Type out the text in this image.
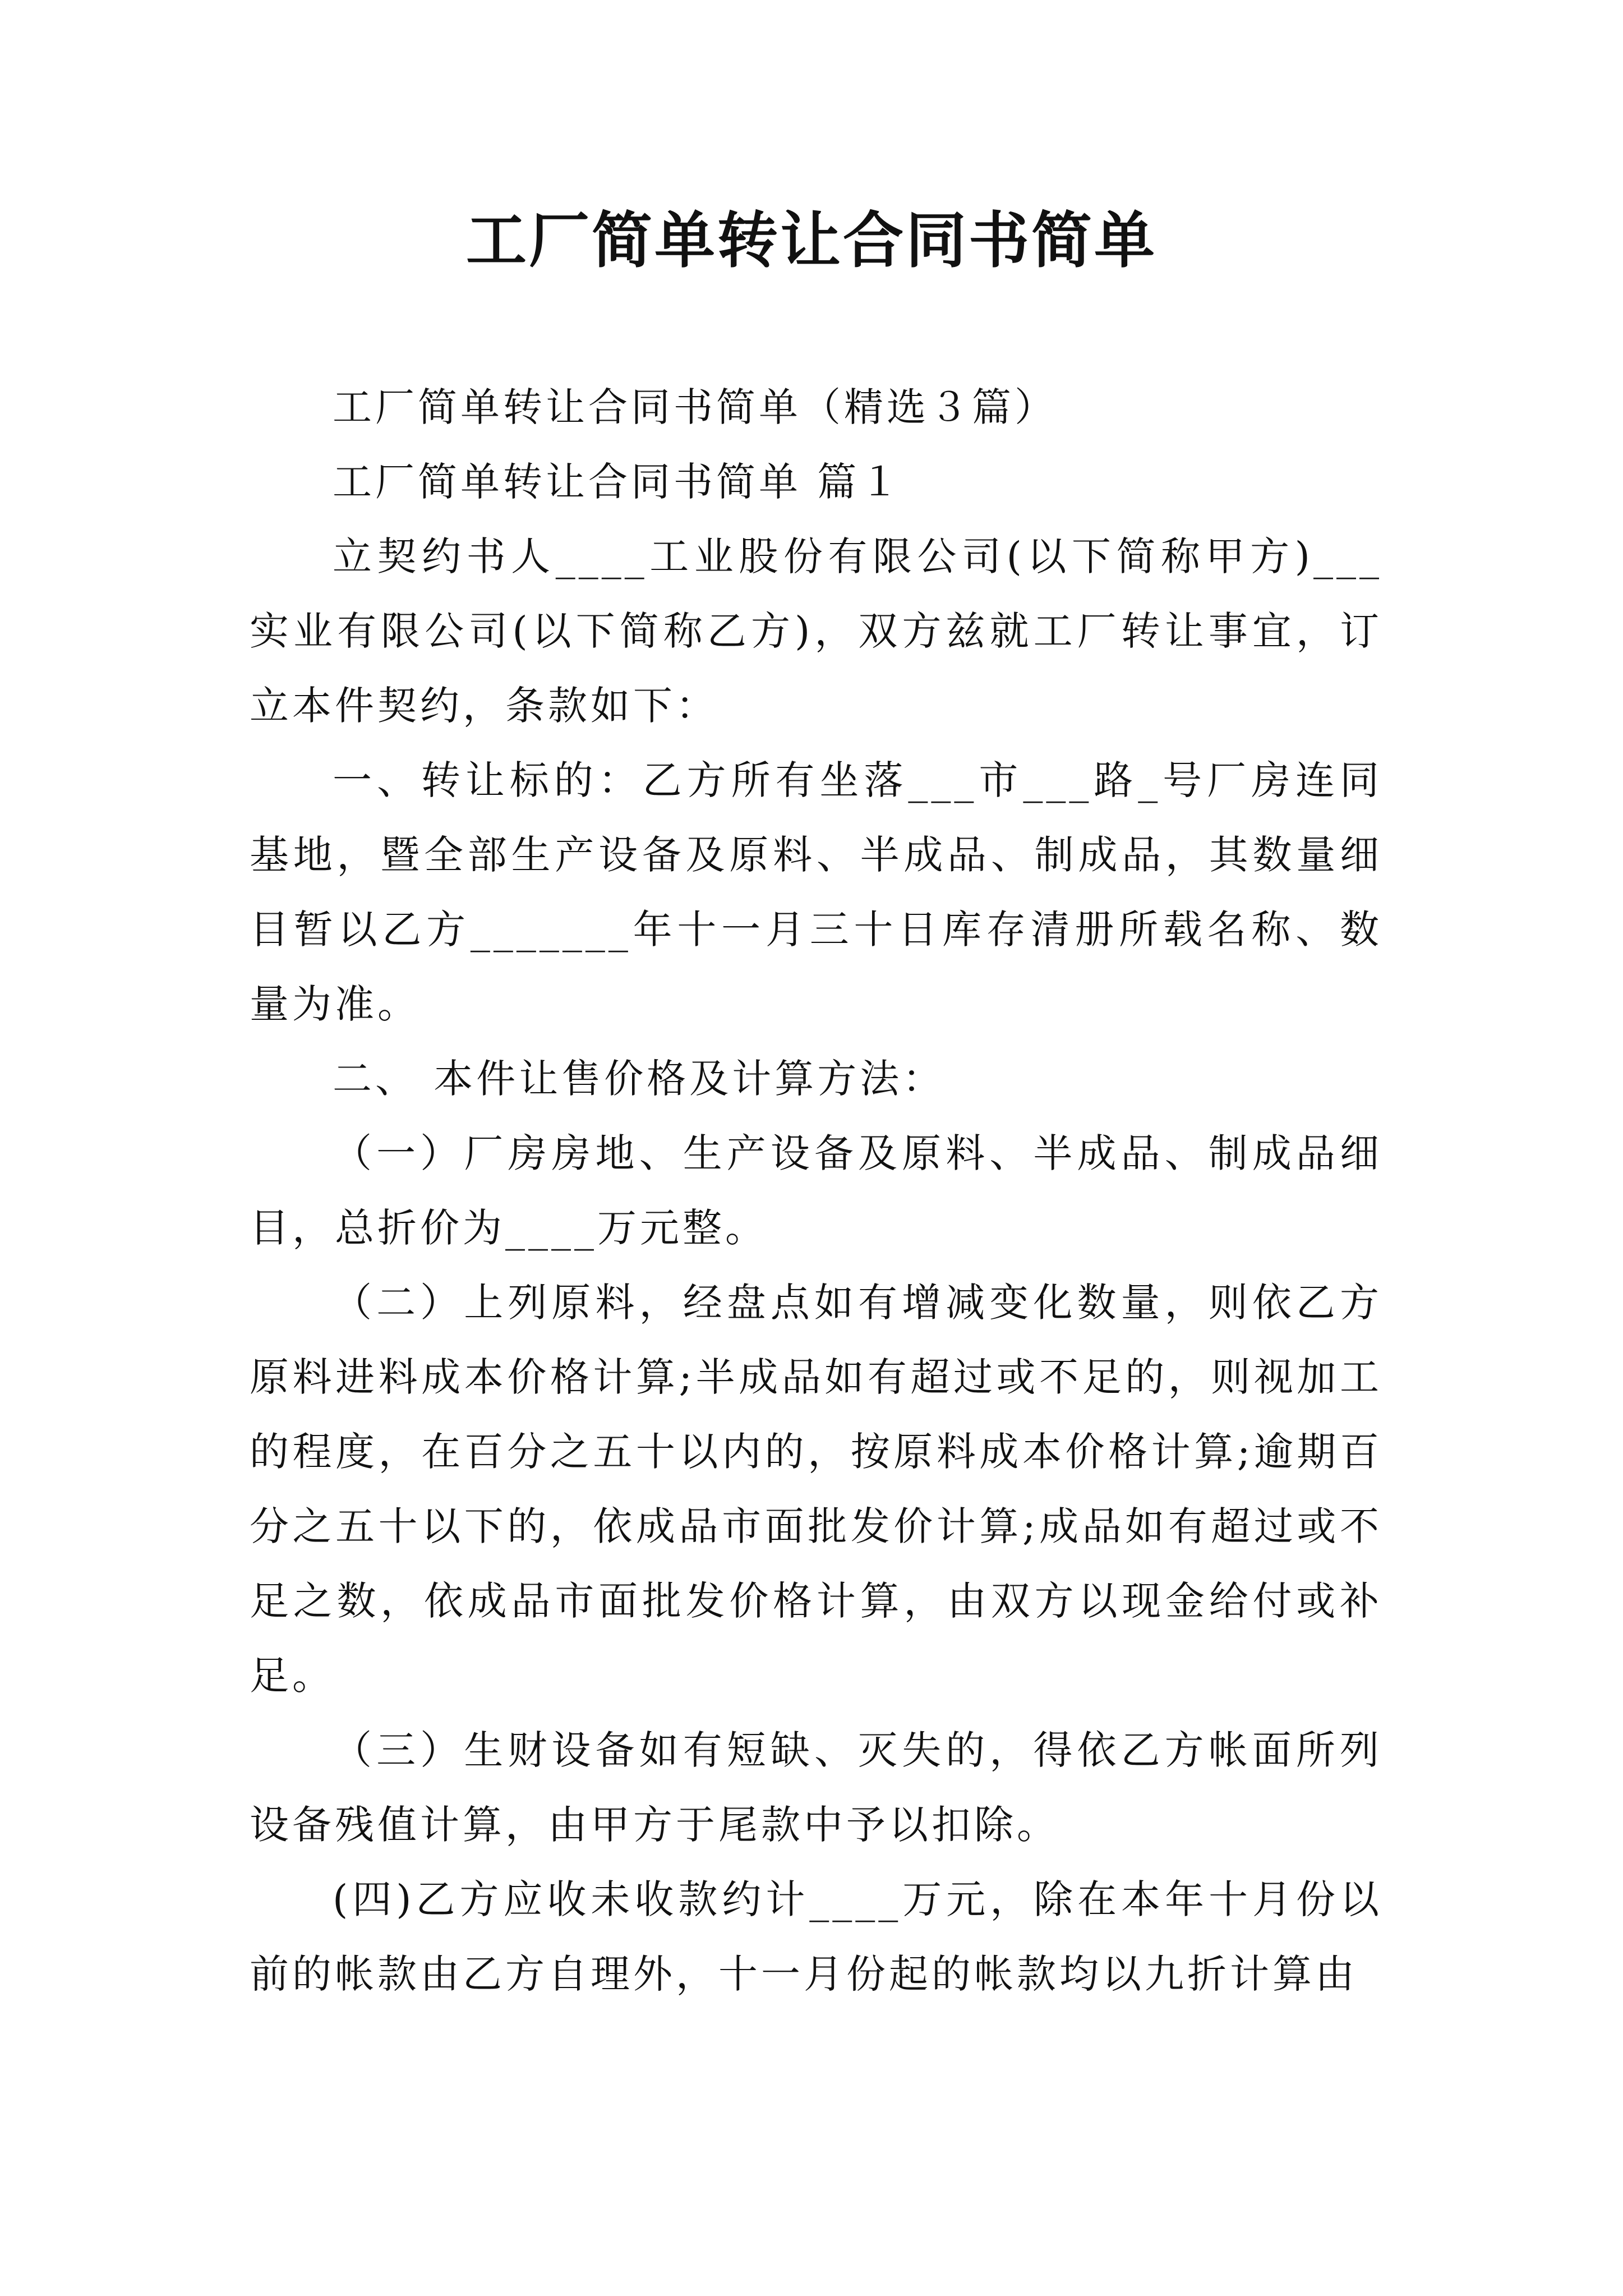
工厂简单转让合同书简单

工厂简单转让合同书简单（精选３篇）

工厂简单转让合同书简单 篇１

立契约书人____工业股份有限公司(以下简称甲方)___实业有限公司(以下简称乙方)，双方兹就工厂转让事宜，订立本件契约，条款如下：

一、转让标的：乙方所有坐落___市___路_号厂房连同基地，暨全部生产设备及原料、半成品、制成品，其数量细目暂以乙方_______年十一月三十日库存清册所载名称、数量为准。

二、 本件让售价格及计算方法：

（一）厂房房地、生产设备及原料、半成品、制成品细目，总折价为____万元整。

（二）上列原料，经盘点如有增减变化数量，则依乙方原料进料成本价格计算;半成品如有超过或不足的，则视加工的程度，在百分之五十以内的，按原料成本价格计算;逾期百分之五十以下的，依成品市面批发价计算;成品如有超过或不足之数，依成品市面批发价格计算，由双方以现金给付或补足。

（三）生财设备如有短缺、灭失的，得依乙方帐面所列设备残值计算，由甲方于尾款中予以扣除。

(四)乙方应收未收款约计____万元，除在本年十月份以前的帐款由乙方自理外，十一月份起的帐款均以九折计算由
